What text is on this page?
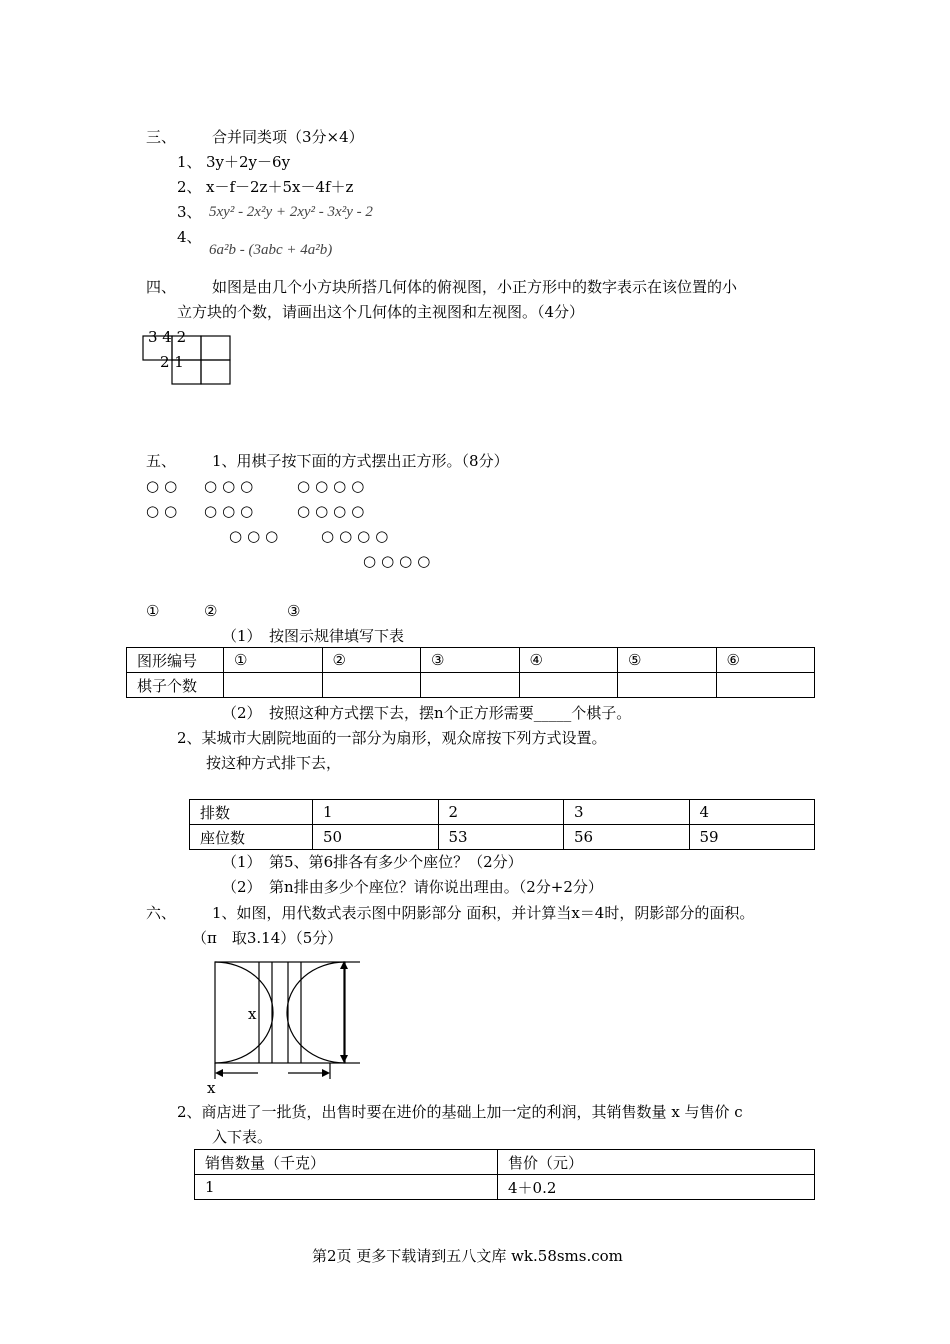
三、 合并同类项（3分×4）
1、 3y＋2y－6y
2、 x－f－2z＋5x－4f＋z
3、 5xy² - 2x²y + 2xy² - 3x²y - 2
4、
6a²b - (3abc + 4a²b)
四、 如图是由几个小方块所搭几何体的俯视图，小正方形中的数字表示在该位置的小
立方块的个数，请画出这个几何体的主视图和左视图。（4分）
3 4 2
2 1
五、 1、用棋子按下面的方式摆出正方形。（8分）
○○ ○○○	○○○○
○○ ○○○	○○○○
○○○	○○○○
○○○○
①	②	③
（1）　按图示规律填写下表
图形编号	①	②	③	④	⑤	⑥
棋子个数						
（2）　按照这种方式摆下去，摆n个正方形需要_____个棋子。
2、某城市大剧院地面的一部分为扇形，观众席按下列方式设置。
按这种方式排下去，
排数	1	2	3	4
座位数	50	53	56	59
（1）　第5、第6排各有多少个座位？（2分）
（2）　第n排由多少个座位？请你说出理由。（2分+2分）
六、 1、如图，用代数式表示图中阴影部分 面积，并计算当x＝4时，阴影部分的面积。
（π　取3.14）（5分）
x
x
2、商店进了一批货，出售时要在进价的基础上加一定的利润，其销售数量 x 与售价 c
入下表。
销售数量（千克）	售价（元）
1	4＋0.2
第2页 更多下载请到五八文库 wk.58sms.com
